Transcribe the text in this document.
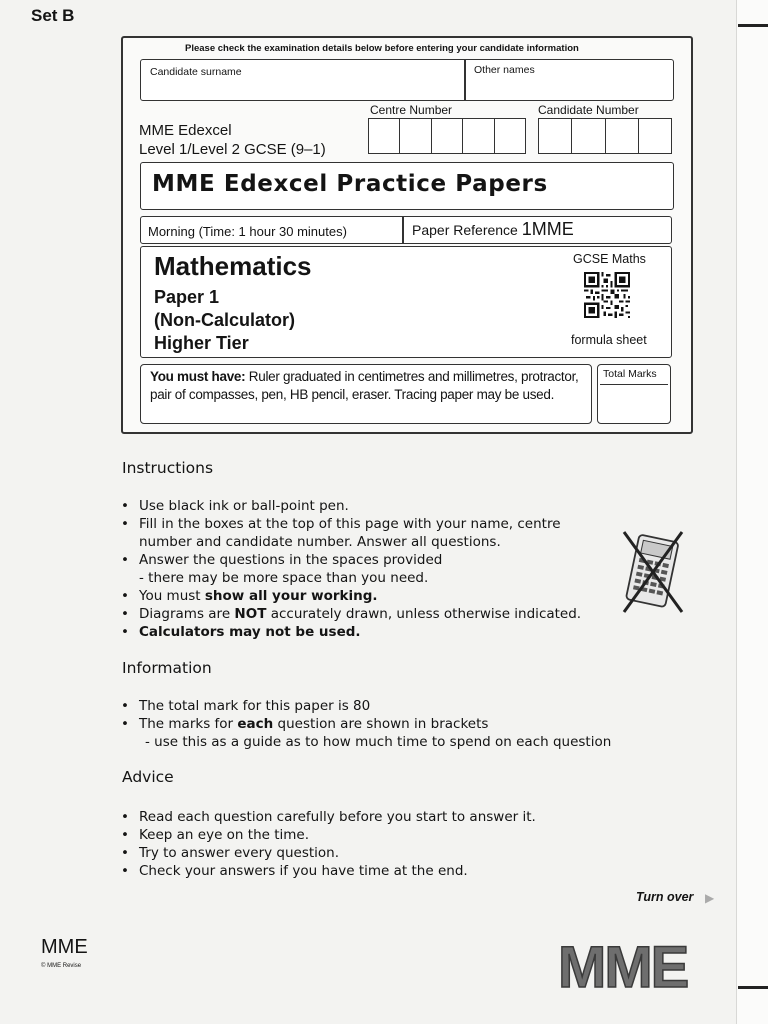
Set B
Please check the examination details below before entering your candidate information
Candidate surname	Other names
Centre Number	Candidate Number
MME Edexcel
Level 1/Level 2 GCSE (9–1)
MME Edexcel Practice Papers
Morning (Time: 1 hour 30 minutes)	Paper Reference 1MME
Mathematics
Paper 1
(Non-Calculator)
Higher Tier
GCSE Maths
formula sheet
You must have: Ruler graduated in centimetres and millimetres, protractor, pair of compasses, pen, HB pencil, eraser. Tracing paper may be used.
Total Marks
Instructions
• Use black ink or ball-point pen.
• Fill in the boxes at the top of this page with your name, centre
number and candidate number. Answer all questions.
• Answer the questions in the spaces provided
- there may be more space than you need.
• You must show all your working.
• Diagrams are NOT accurately drawn, unless otherwise indicated.
• Calculators may not be used.
Information
• The total mark for this paper is 80
• The marks for each question are shown in brackets
- use this as a guide as to how much time to spend on each question
Advice
• Read each question carefully before you start to answer it.
• Keep an eye on the time.
• Try to answer every question.
• Check your answers if you have time at the end.
Turn over ▶
MME
© MME Revise	MME
